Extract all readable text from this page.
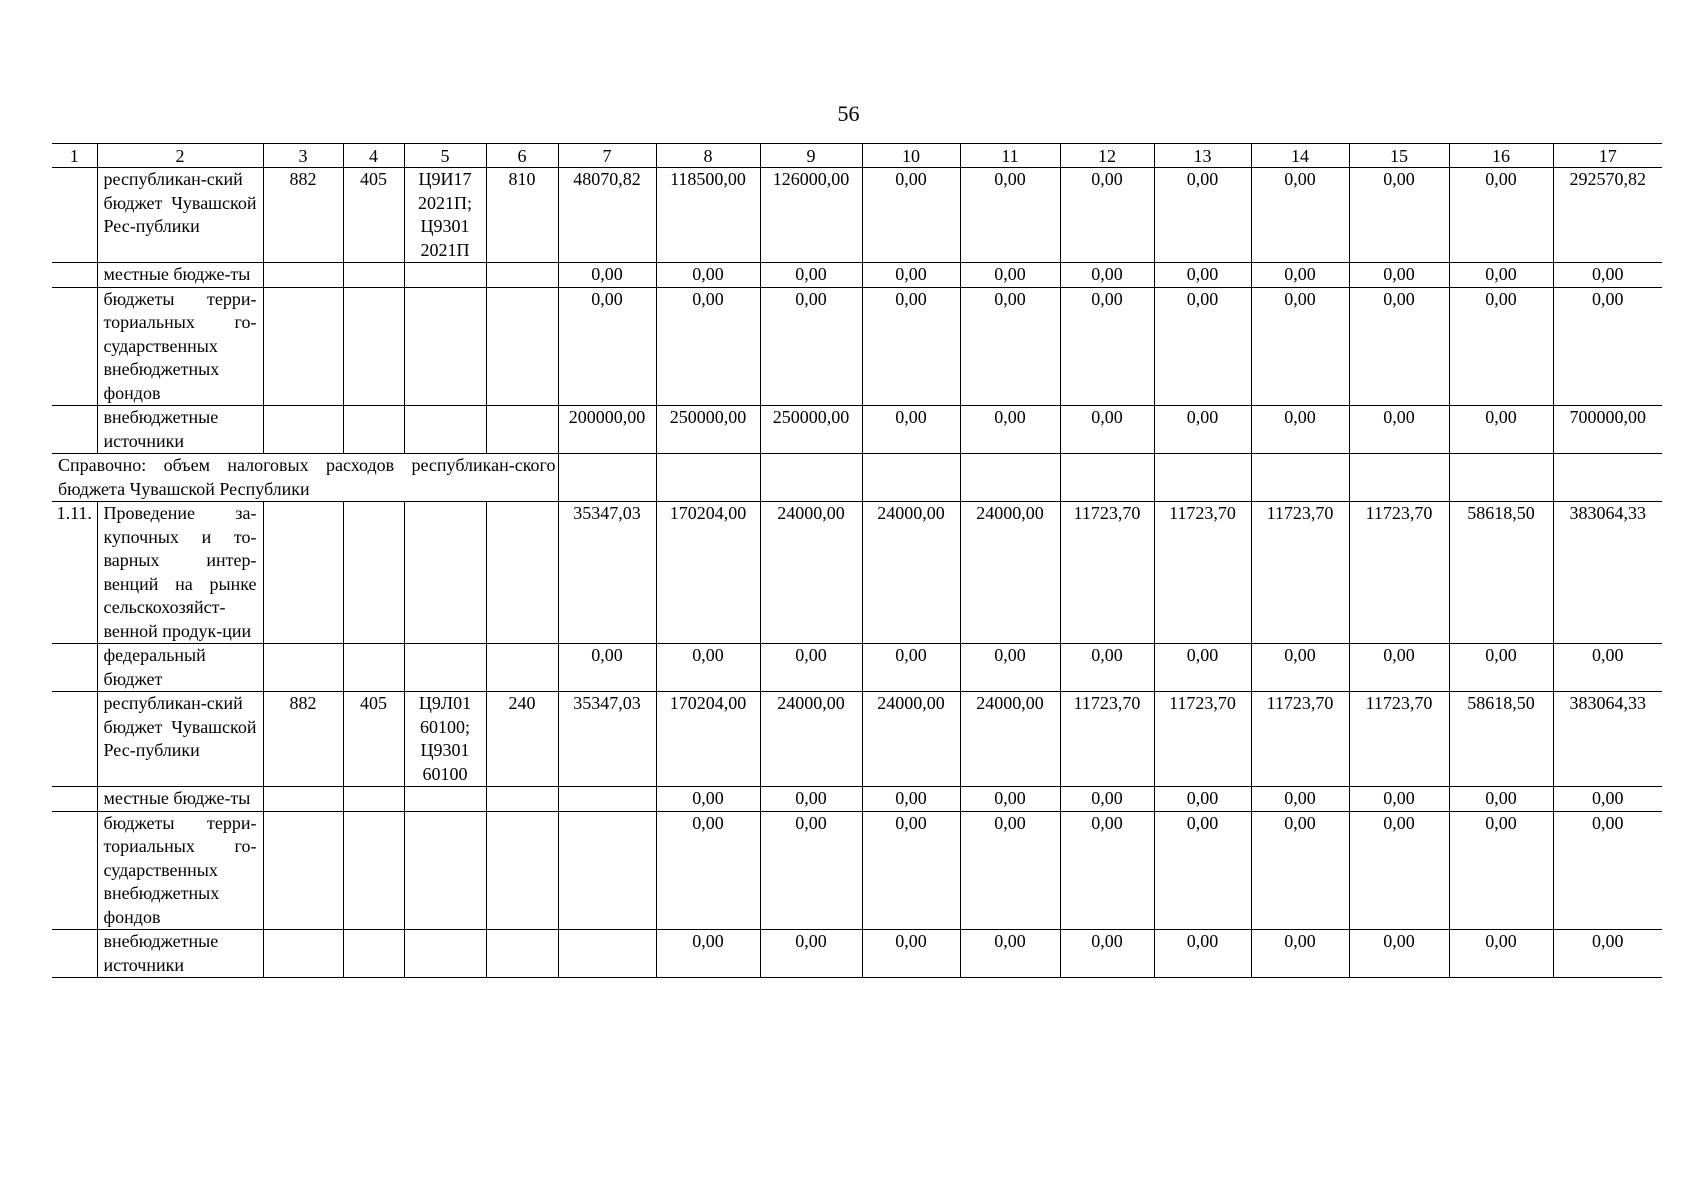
56
1	2	3	4	5	6	7	8	9	10	11	12	13	14	15	16	17
	республикан-ский бюджет Чувашской Рес-публики	882	405	Ц9И17 2021П; Ц9301 2021П	810	48070,82	118500,00	126000,00	0,00	0,00	0,00	0,00	0,00	0,00	0,00	292570,82
	местные бюдже-ты					0,00	0,00	0,00	0,00	0,00	0,00	0,00	0,00	0,00	0,00	0,00
	бюджеты терри-ториальных го-сударственных внебюджетных фондов					0,00	0,00	0,00	0,00	0,00	0,00	0,00	0,00	0,00	0,00	0,00
	внебюджетные источники					200000,00	250000,00	250000,00	0,00	0,00	0,00	0,00	0,00	0,00	0,00	700000,00
Справочно: объем налоговых расходов республикан-ского бюджета Чувашской Республики																
1.11.	Проведение за-купочных и то-варных интер-венций на рынке сельскохозяйст-венной продук-ции					35347,03	170204,00	24000,00	24000,00	24000,00	11723,70	11723,70	11723,70	11723,70	58618,50	383064,33
	федеральный бюджет					0,00	0,00	0,00	0,00	0,00	0,00	0,00	0,00	0,00	0,00	0,00
	республикан-ский бюджет Чувашской Рес-публики	882	405	Ц9Л01 60100; Ц9301 60100	240	35347,03	170204,00	24000,00	24000,00	24000,00	11723,70	11723,70	11723,70	11723,70	58618,50	383064,33
	местные бюдже-ты						0,00	0,00	0,00	0,00	0,00	0,00	0,00	0,00	0,00	0,00
	бюджеты терри-ториальных го-сударственных внебюджетных фондов						0,00	0,00	0,00	0,00	0,00	0,00	0,00	0,00	0,00	0,00
	внебюджетные источники						0,00	0,00	0,00	0,00	0,00	0,00	0,00	0,00	0,00	0,00
